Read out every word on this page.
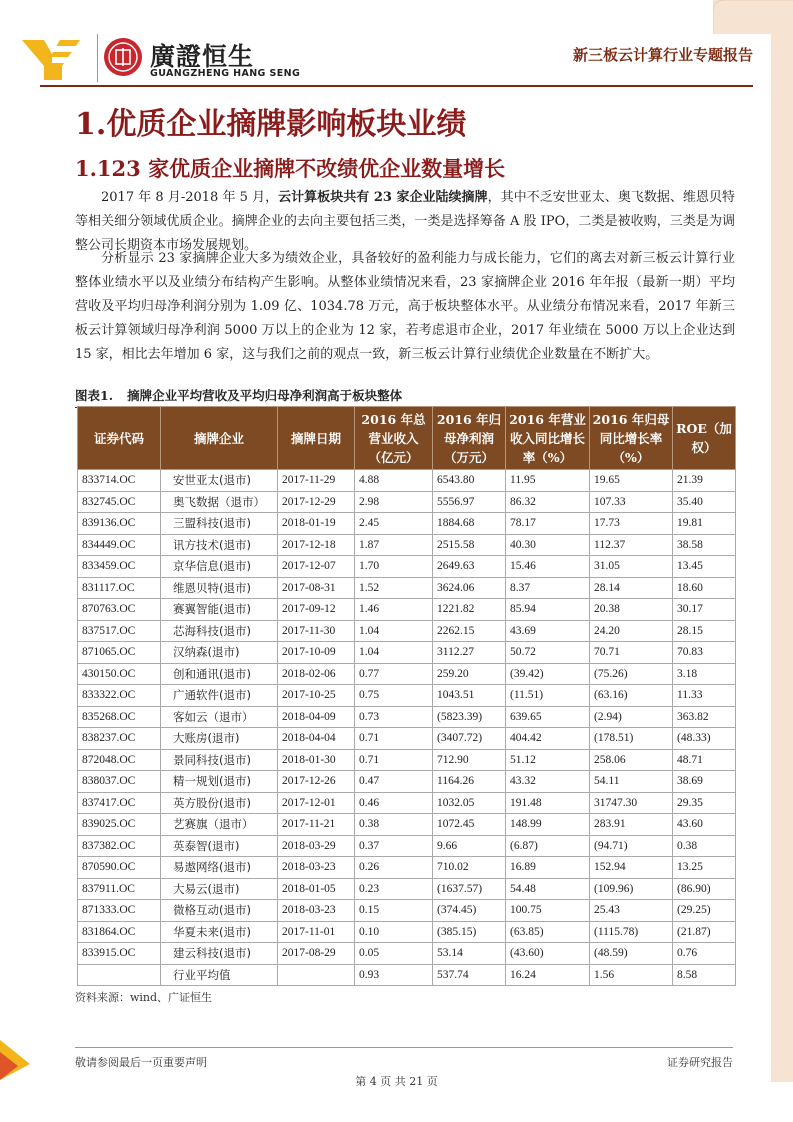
廣證恒生
GUANGZHENG HANG SENG
新三板云计算行业专题报告
1.优质企业摘牌影响板块业绩
1.123 家优质企业摘牌不改绩优企业数量增长

2017 年 8 月-2018 年 5 月，云计算板块共有 23 家企业陆续摘牌，其中不乏安世亚太、奥飞数据、维恩贝特等相关细分领域优质企业。摘牌企业的去向主要包括三类，一类是选择筹备 A 股 IPO，二类是被收购，三类是为调整公司长期资本市场发展规划。

分析显示 23 家摘牌企业大多为绩效企业，具备较好的盈利能力与成长能力，它们的离去对新三板云计算行业整体业绩水平以及业绩分布结构产生影响。从整体业绩情况来看，23 家摘牌企业 2016 年年报（最新一期）平均营收及平均归母净利润分别为 1.09 亿、1034.78 万元，高于板块整体水平。从业绩分布情况来看，2017 年新三板云计算领域归母净利润 5000 万以上的企业为 12 家，若考虑退市企业，2017 年业绩在 5000 万以上企业达到 15 家，相比去年增加 6 家，这与我们之前的观点一致，新三板云计算行业绩优企业数量在不断扩大。

图表1. 摘牌企业平均营收及平均归母净利润高于板块整体
证券代码	摘牌企业	摘牌日期	2016 年总营业收入（亿元）	2016 年归母净利润（万元）	2016 年营业收入同比增长率（%）	2016 年归母同比增长率（%）	ROE（加权）
833714.OC	安世亚太(退市)	2017-11-29	4.88	6543.80	11.95	19.65	21.39
832745.OC	奥飞数据（退市）	2017-12-29	2.98	5556.97	86.32	107.33	35.40
839136.OC	三盟科技(退市)	2018-01-19	2.45	1884.68	78.17	17.73	19.81
834449.OC	讯方技术(退市)	2017-12-18	1.87	2515.58	40.30	112.37	38.58
833459.OC	京华信息(退市)	2017-12-07	1.70	2649.63	15.46	31.05	13.45
831117.OC	维恩贝特(退市)	2017-08-31	1.52	3624.06	8.37	28.14	18.60
870763.OC	赛翼智能(退市)	2017-09-12	1.46	1221.82	85.94	20.38	30.17
837517.OC	芯海科技(退市)	2017-11-30	1.04	2262.15	43.69	24.20	28.15
871065.OC	汉纳森(退市)	2017-10-09	1.04	3112.27	50.72	70.71	70.83
430150.OC	创和通讯(退市)	2018-02-06	0.77	259.20	(39.42)	(75.26)	3.18
833322.OC	广通软件(退市)	2017-10-25	0.75	1043.51	(11.51)	(63.16)	11.33
835268.OC	客如云（退市）	2018-04-09	0.73	(5823.39)	639.65	(2.94)	363.82
838237.OC	大账房(退市)	2018-04-04	0.71	(3407.72)	404.42	(178.51)	(48.33)
872048.OC	景同科技(退市)	2018-01-30	0.71	712.90	51.12	258.06	48.71
838037.OC	精一规划(退市)	2017-12-26	0.47	1164.26	43.32	54.11	38.69
837417.OC	英方股份(退市)	2017-12-01	0.46	1032.05	191.48	31747.30	29.35
839025.OC	艺赛旗（退市）	2017-11-21	0.38	1072.45	148.99	283.91	43.60
837382.OC	英泰智(退市)	2018-03-29	0.37	9.66	(6.87)	(94.71)	0.38
870590.OC	易遨网络(退市)	2018-03-23	0.26	710.02	16.89	152.94	13.25
837911.OC	大易云(退市)	2018-01-05	0.23	(1637.57)	54.48	(109.96)	(86.90)
871333.OC	微格互动(退市)	2018-03-23	0.15	(374.45)	100.75	25.43	(29.25)
831864.OC	华夏未来(退市)	2017-11-01	0.10	(385.15)	(63.85)	(1115.78)	(21.87)
833915.OC	建云科技(退市)	2017-08-29	0.05	53.14	(43.60)	(48.59)	0.76
	行业平均值		0.93	537.74	16.24	1.56	8.58
资料来源：wind、广证恒生
敬请参阅最后一页重要声明	证券研究报告
第 4 页 共 21 页
